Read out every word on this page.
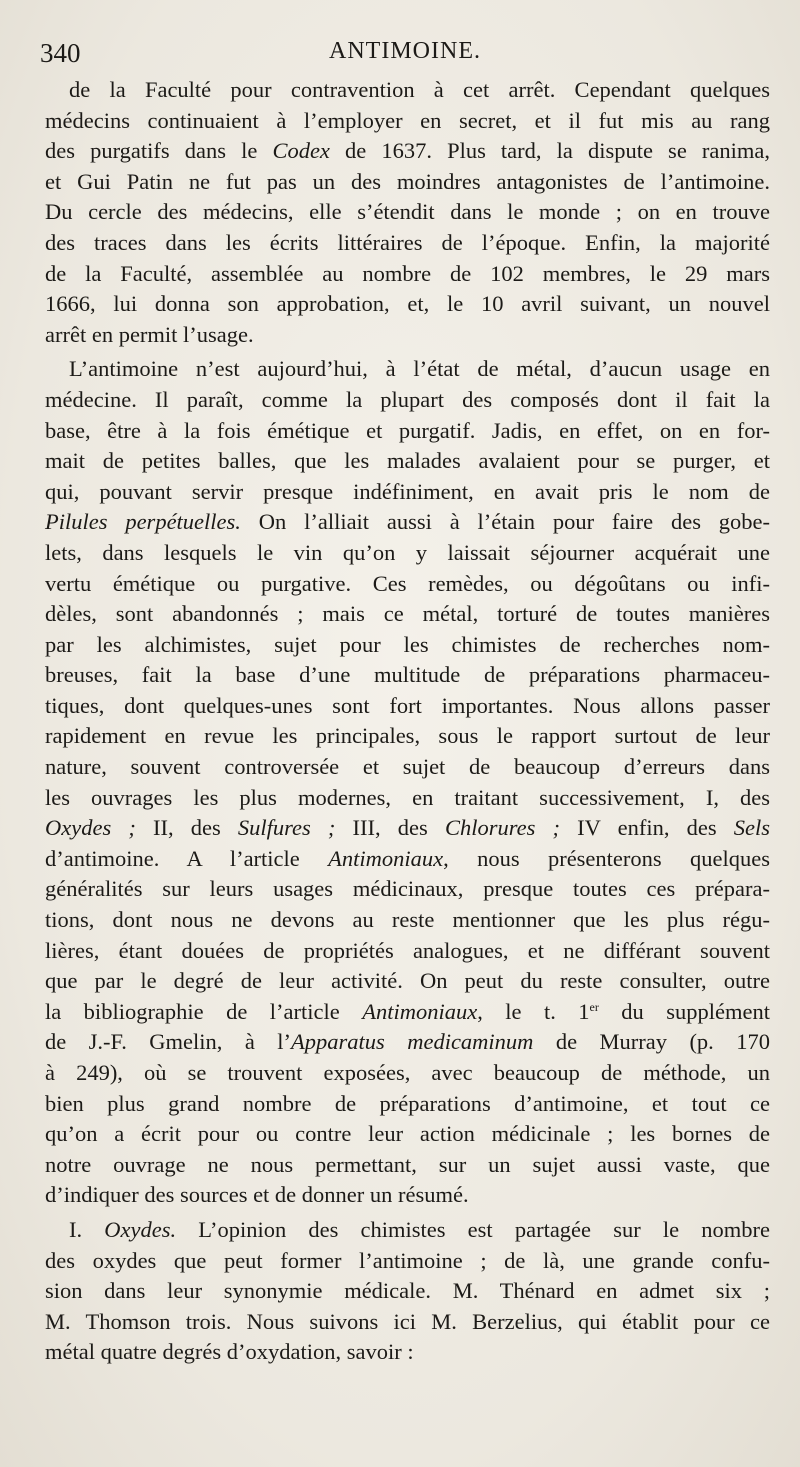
340	ANTIMOINE.
de la Faculté pour contravention à cet arrêt. Cependant quelques
médecins continuaient à l’employer en secret, et il fut mis au rang
des purgatifs dans le Codex de 1637. Plus tard, la dispute se ranima,
et Gui Patin ne fut pas un des moindres antagonistes de l’antimoine.
Du cercle des médecins, elle s’étendit dans le monde ; on en trouve
des traces dans les écrits littéraires de l’époque. Enfin, la majorité
de la Faculté, assemblée au nombre de 102 membres, le 29 mars
1666, lui donna son approbation, et, le 10 avril suivant, un nouvel
arrêt en permit l’usage.
L’antimoine n’est aujourd’hui, à l’état de métal, d’aucun usage en
médecine. Il paraît, comme la plupart des composés dont il fait la
base, être à la fois émétique et purgatif. Jadis, en effet, on en for-
mait de petites balles, que les malades avalaient pour se purger, et
qui, pouvant servir presque indéfiniment, en avait pris le nom de
Pilules perpétuelles. On l’alliait aussi à l’étain pour faire des gobe-
lets, dans lesquels le vin qu’on y laissait séjourner acquérait une
vertu émétique ou purgative. Ces remèdes, ou dégoûtans ou infi-
dèles, sont abandonnés ; mais ce métal, torturé de toutes manières
par les alchimistes, sujet pour les chimistes de recherches nom-
breuses, fait la base d’une multitude de préparations pharmaceu-
tiques, dont quelques-unes sont fort importantes. Nous allons passer
rapidement en revue les principales, sous le rapport surtout de leur
nature, souvent controversée et sujet de beaucoup d’erreurs dans
les ouvrages les plus modernes, en traitant successivement, I, des
Oxydes ; II, des Sulfures ; III, des Chlorures ; IV enfin, des Sels
d’antimoine. A l’article Antimoniaux, nous présenterons quelques
généralités sur leurs usages médicinaux, presque toutes ces prépara-
tions, dont nous ne devons au reste mentionner que les plus régu-
lières, étant douées de propriétés analogues, et ne différant souvent
que par le degré de leur activité. On peut du reste consulter, outre
la bibliographie de l’article Antimoniaux, le t. 1er du supplément
de J.-F. Gmelin, à l’Apparatus medicaminum de Murray (p. 170
à 249), où se trouvent exposées, avec beaucoup de méthode, un
bien plus grand nombre de préparations d’antimoine, et tout ce
qu’on a écrit pour ou contre leur action médicinale ; les bornes de
notre ouvrage ne nous permettant, sur un sujet aussi vaste, que
d’indiquer des sources et de donner un résumé.
I. Oxydes. L’opinion des chimistes est partagée sur le nombre
des oxydes que peut former l’antimoine ; de là, une grande confu-
sion dans leur synonymie médicale. M. Thénard en admet six ;
M. Thomson trois. Nous suivons ici M. Berzelius, qui établit pour ce
métal quatre degrés d’oxydation, savoir :
